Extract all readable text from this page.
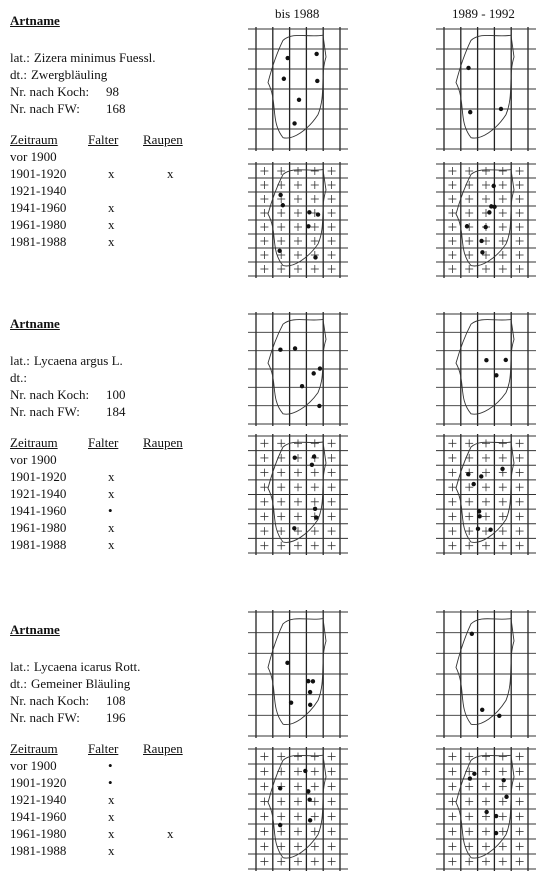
bis 1988	1989 - 1992
Artname
lat.: Zizera minimus Fuessl.
dt.: Zwergbläuling
Nr. nach Koch:	98
Nr. nach FW:	168
Zeitraum	Falter	Raupen
vor 1900
1901-1920	x	x
1921-1940
1941-1960	x
1961-1980	x
1981-1988	x
Artname
lat.: Lycaena argus L.
dt.:
Nr. nach Koch:	100
Nr. nach FW:	184
Zeitraum	Falter	Raupen
vor 1900
1901-1920	x
1921-1940	x
1941-1960	•
1961-1980	x
1981-1988	x
Artname
lat.: Lycaena icarus Rott.
dt.: Gemeiner Bläuling
Nr. nach Koch:	108
Nr. nach FW:	196
Zeitraum	Falter	Raupen
vor 1900	•
1901-1920	•
1921-1940	x
1941-1960	x
1961-1980	x	x
1981-1988	x
